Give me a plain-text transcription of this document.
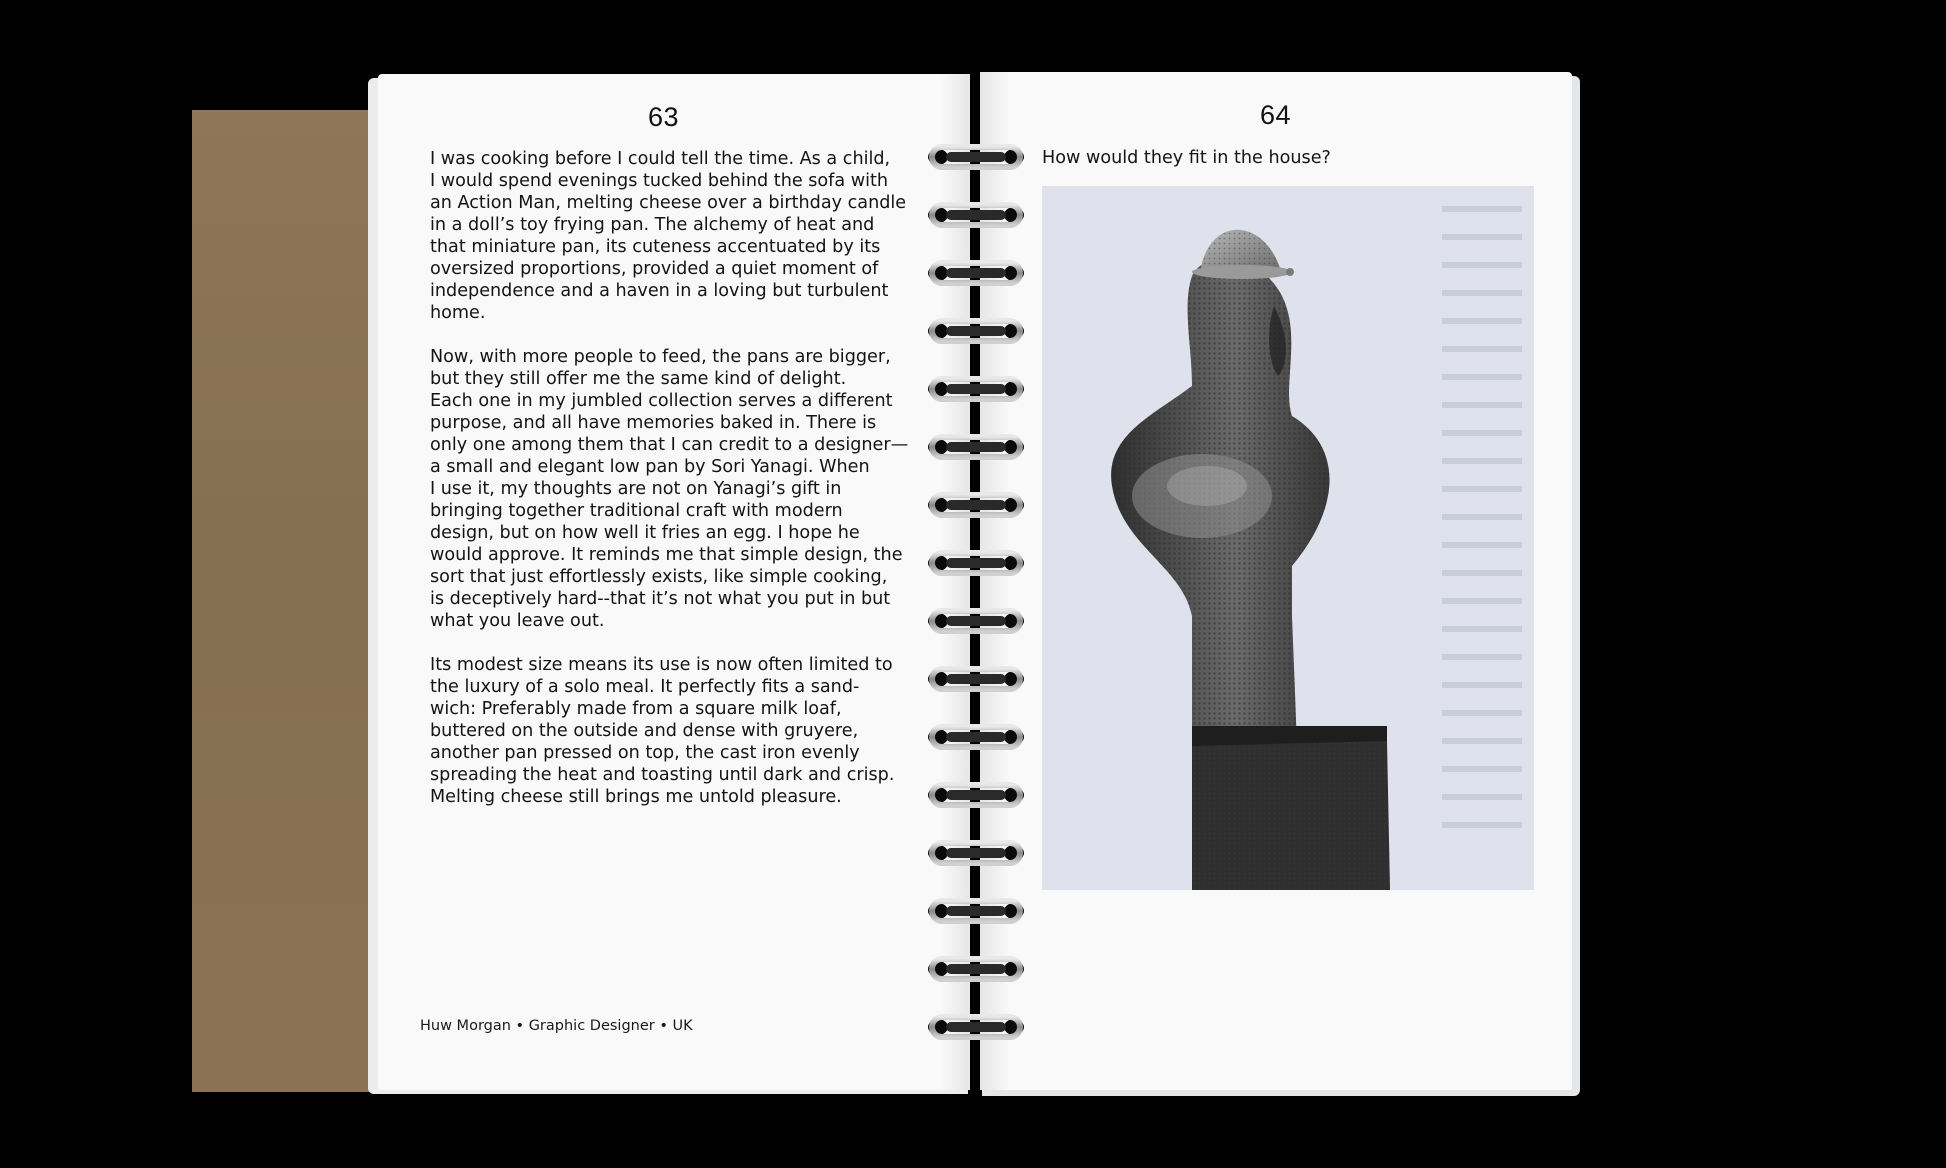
63

I was cooking before I could tell the time. As a child,
I would spend evenings tucked behind the sofa with
an Action Man, melting cheese over a birthday candle
in a doll’s toy frying pan. The alchemy of heat and
that miniature pan, its cuteness accentuated by its
oversized proportions, provided a quiet moment of
independence and a haven in a loving but turbulent
home.

Now, with more people to feed, the pans are bigger,
but they still offer me the same kind of delight.
Each one in my jumbled collection serves a different
purpose, and all have memories baked in. There is
only one among them that I can credit to a designer—
a small and elegant low pan by Sori Yanagi. When
I use it, my thoughts are not on Yanagi’s gift in
bringing together traditional craft with modern
design, but on how well it fries an egg. I hope he
would approve. It reminds me that simple design, the
sort that just effortlessly exists, like simple cooking,
is deceptively hard--that it’s not what you put in but
what you leave out.

Its modest size means its use is now often limited to
the luxury of a solo meal. It perfectly fits a sand-
wich: Preferably made from a square milk loaf,
buttered on the outside and dense with gruyere,
another pan pressed on top, the cast iron evenly
spreading the heat and toasting until dark and crisp.
Melting cheese still brings me untold pleasure.

Huw Morgan • Graphic Designer • UK
64
How would they fit in the house?
